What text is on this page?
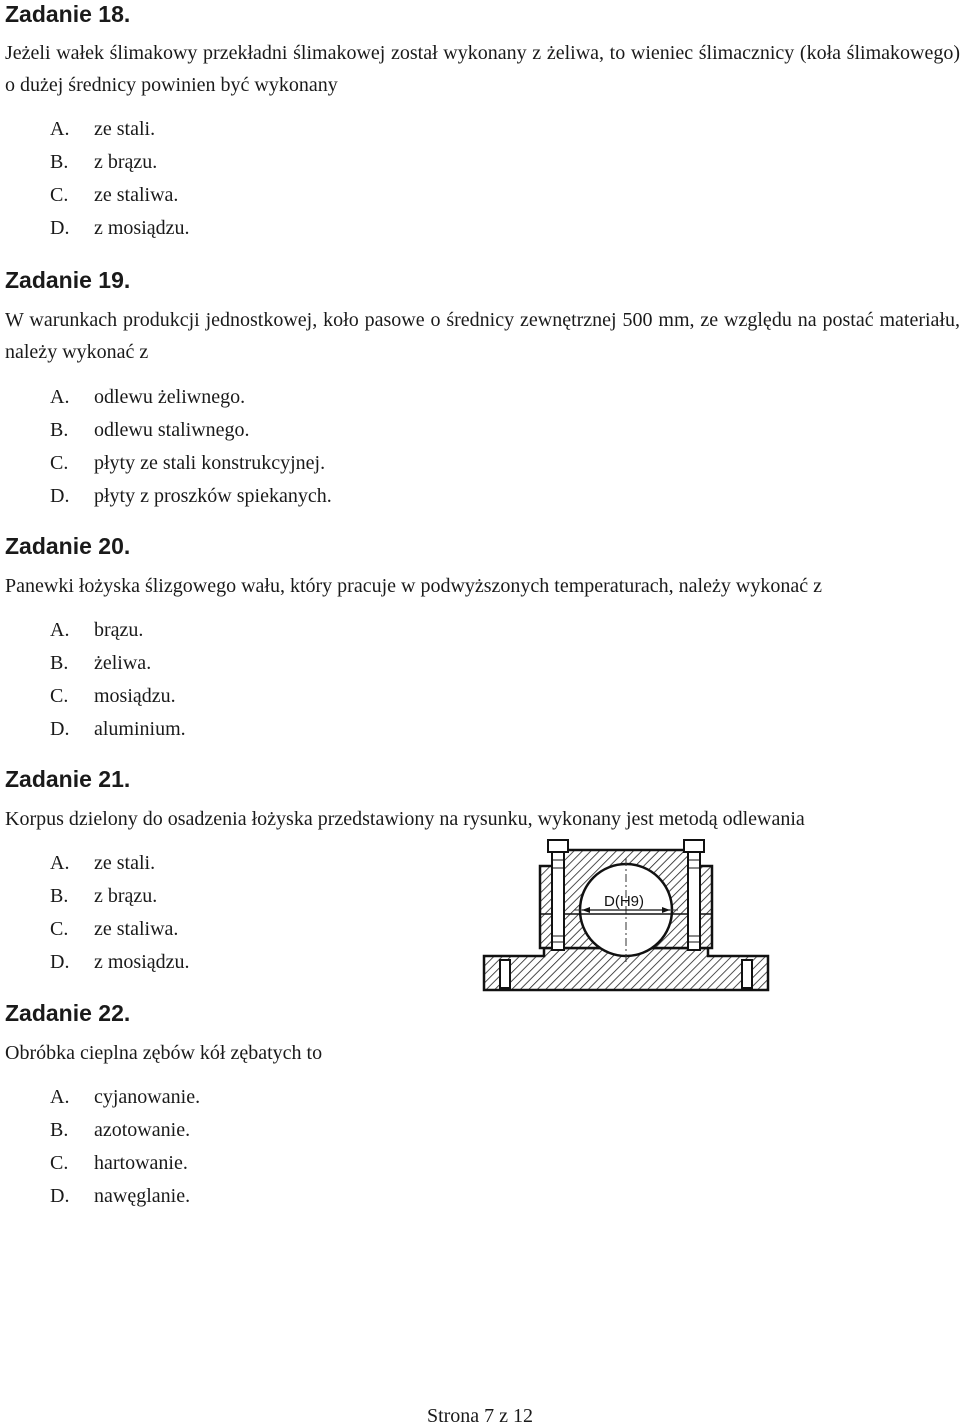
Zadanie 18.
Jeżeli wałek ślimakowy przekładni ślimakowej został wykonany z żeliwa, to wieniec ślimacznicy (koła ślimakowego) o dużej średnicy powinien być wykonany
A. ze stali.
B. z brązu.
C. ze staliwa.
D. z mosiądzu.
Zadanie 19.
W warunkach produkcji jednostkowej, koło pasowe o średnicy zewnętrznej 500 mm, ze względu na postać materiału, należy wykonać z
A. odlewu żeliwnego.
B. odlewu staliwnego.
C. płyty ze stali konstrukcyjnej.
D. płyty z proszków spiekanych.
Zadanie 20.
Panewki łożyska ślizgowego wału, który pracuje w podwyższonych temperaturach, należy wykonać z
A. brązu.
B. żeliwa.
C. mosiądzu.
D. aluminium.
Zadanie 21.
Korpus dzielony do osadzenia łożyska przedstawiony na rysunku, wykonany jest metodą odlewania
A. ze stali.
B. z brązu.
C. ze staliwa.
D. z mosiądzu.
D(H9)
Zadanie 22.
Obróbka cieplna zębów kół zębatych to
A. cyjanowanie.
B. azotowanie.
C. hartowanie.
D. nawęglanie.
Strona 7 z 12
